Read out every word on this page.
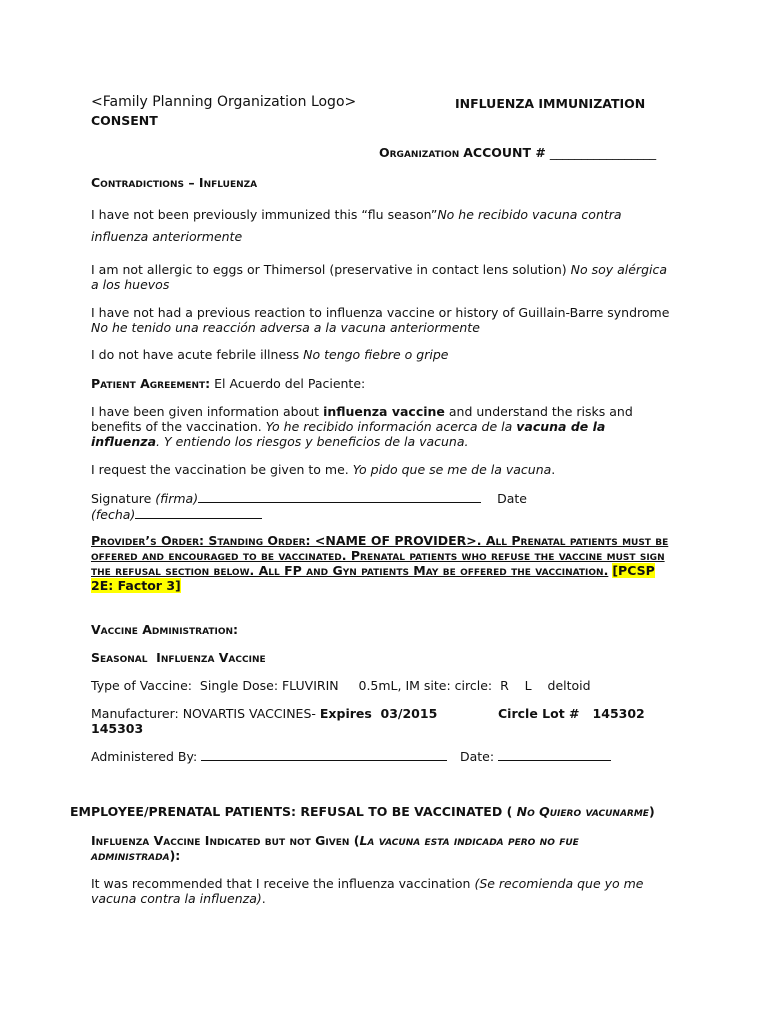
<Family Planning Organization Logo>	INFLUENZA IMMUNIZATION
CONSENT
Organization ACCOUNT # _________________
Contradictions – Influenza
I have not been previously immunized this “flu season”No he recibido vacuna contra influenza anteriormente
I am not allergic to eggs or Thimersol (preservative in contact lens solution) No soy alérgica a los huevos
I have not had a previous reaction to influenza vaccine or history of Guillain-Barre syndrome
No he tenido una reacción adversa a la vacuna anteriormente
I do not have acute febrile illness No tengo fiebre o gripe
Patient Agreement: El Acuerdo del Paciente:
I have been given information about influenza vaccine and understand the risks and benefits of the vaccination. Yo he recibido información acerca de la vacuna de la influenza. Y entiendo los riesgos y beneficios de la vacuna.
I request the vaccination be given to me. Yo pido que se me de la vacuna.
Signature (firma)	Date
(fecha)
Provider’s Order: Standing Order: <NAME OF PROVIDER>. All Prenatal patients must be offered and encouraged to be vaccinated. Prenatal patients who refuse the vaccine must sign the refusal section below. All FP and Gyn patients May be offered the vaccination. [PCSP 2E: Factor 3]
Vaccine Administration:
Seasonal  Influenza Vaccine
Type of Vaccine:  Single Dose: FLUVIRIN     0.5mL, IM site: circle:  R    L    deltoid
Manufacturer: NOVARTIS VACCINES- Expires  03/2015	Circle Lot #   145302
145303
Administered By:	Date:
EMPLOYEE/PRENATAL PATIENTS: REFUSAL TO BE VACCINATED ( No Quiero vacunarme)
Influenza Vaccine Indicated but not Given (La vacuna esta indicada pero no fue administrada):
It was recommended that I receive the influenza vaccination (Se recomienda que yo me vacuna contra la influenza).
